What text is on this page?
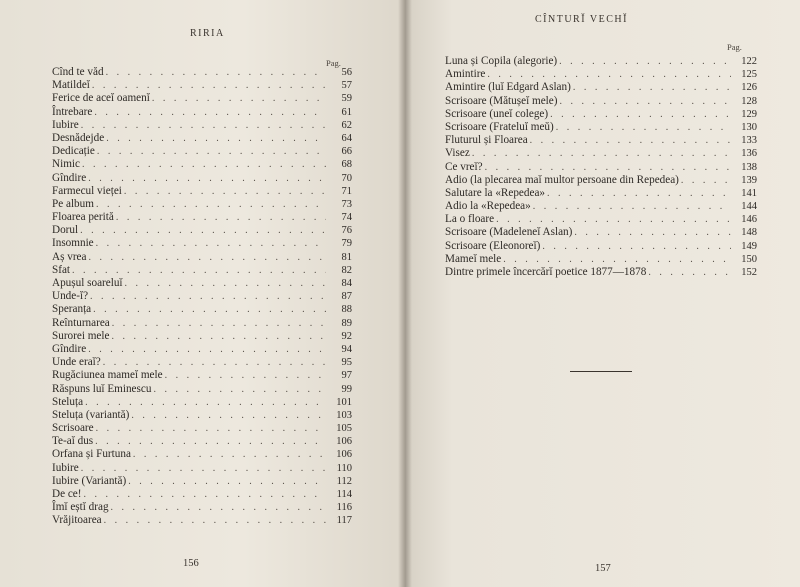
RIRIA
Pag.
Cînd te văd . . .	56
Matildeĭ . . .	57
Ferice de aceĭ oamenĭ . . .	59
Întrebare . . .	61
Iubire . . .	62
Desnădejde . . .	64
Dedicație . . .	66
Nimic . . .	68
Gîndire . . .	70
Farmecul vieței . . .	71
Pe album . . .	73
Floarea perită . . .	74
Dorul . . .	76
Insomnie . . .	79
Aș vrea . . .	81
Sfat . . .	82
Apușul soareluĭ . . .	84
Unde-ĭ? . . .	87
Speranța . . .	88
Reînturnarea . . .	89
Surorei mele . . .	92
Gîndire . . .	94
Unde eraĭ? . . .	95
Rugăciunea mameĭ mele . . .	97
Răspuns luĭ Eminescu . . .	99
Steluța . . .	101
Steluța (variantă) . . .	103
Scrisoare . . .	105
Te-aĭ dus . . .	106
Orfana și Furtuna . . .	106
Iubire . . .	110
Iubire (Variantă) . . .	112
De ce! . . .	114
Îmĭ eștĭ drag . . .	116
Vrăjitoarea . . .	117
156
CÎNTURĬ VECHĬ
Pag.
Luna și Copila (alegorie) . . .	122
Amintire . . .	125
Amintire (luĭ Edgard Aslan) . . .	126
Scrisoare (Mătușeĭ mele) . . .	128
Scrisoare (uneĭ colege) . . .	129
Scrisoare (Frateluĭ meŭ) . . .	130
Fluturul și Floarea . . .	133
Visez . . .	136
Ce vreĭ? . . .	138
Adio (la plecarea maĭ multor persoane din Repedea) . . .	139
Salutare la «Repedea» . . .	141
Adio la «Repedea» . . .	144
La o floare . . .	146
Scrisoare (Madeleneĭ Aslan) . . .	148
Scrisoare (Eleonoreĭ) . . .	149
Mameĭ mele . . .	150
Dintre primele încercărĭ poetice 1877—1878 . . .	152
157
